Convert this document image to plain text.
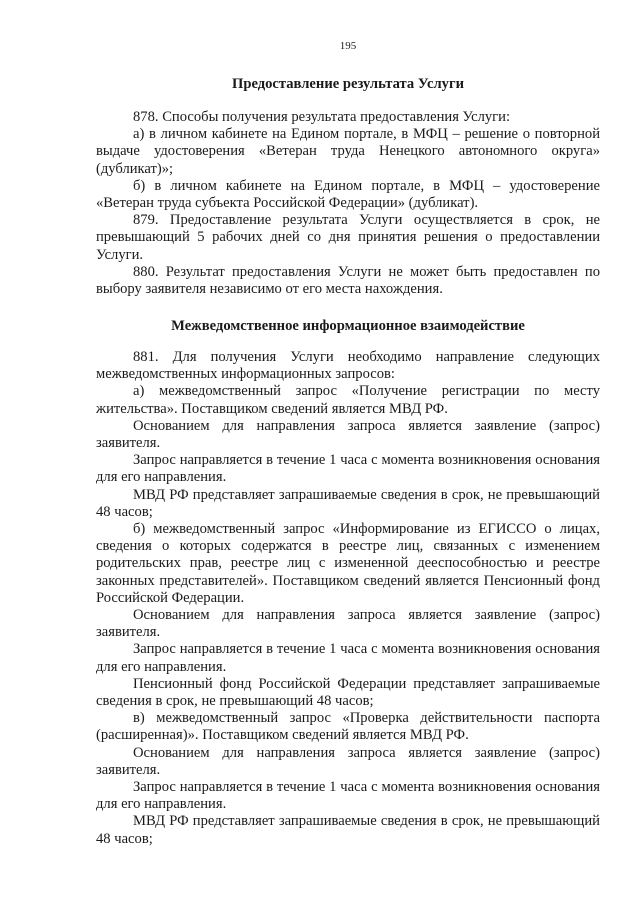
195
Предоставление результата Услуги

878. Способы получения результата предоставления Услуги:

а) в личном кабинете на Едином портале, в МФЦ – решение о повторной выдаче удостоверения «Ветеран труда Ненецкого автономного округа» (дубликат)»;

б) в личном кабинете на Едином портале, в МФЦ – удостоверение «Ветеран труда субъекта Российской Федерации» (дубликат).

879. Предоставление результата Услуги осуществляется в срок, не превышающий 5 рабочих дней со дня принятия решения о предоставлении Услуги.

880. Результат предоставления Услуги не может быть предоставлен по выбору заявителя независимо от его места нахождения.

Межведомственное информационное взаимодействие

881. Для получения Услуги необходимо направление следующих межведомственных информационных запросов:

а) межведомственный запрос «Получение регистрации по месту жительства». Поставщиком сведений является МВД РФ.

Основанием для направления запроса является заявление (запрос) заявителя.

Запрос направляется в течение 1 часа с момента возникновения основания для его направления.

МВД РФ представляет запрашиваемые сведения в срок, не превышающий 48 часов;

б) межведомственный запрос «Информирование из ЕГИССО о лицах, сведения о которых содержатся в реестре лиц, связанных с изменением родительских прав, реестре лиц с измененной дееспособностью и реестре законных представителей». Поставщиком сведений является Пенсионный фонд Российской Федерации.

Основанием для направления запроса является заявление (запрос) заявителя.

Запрос направляется в течение 1 часа с момента возникновения основания для его направления.

Пенсионный фонд Российской Федерации представляет запрашиваемые сведения в срок, не превышающий 48 часов;

в) межведомственный запрос «Проверка действительности паспорта (расширенная)». Поставщиком сведений является МВД РФ.

Основанием для направления запроса является заявление (запрос) заявителя.

Запрос направляется в течение 1 часа с момента возникновения основания для его направления.

МВД РФ представляет запрашиваемые сведения в срок, не превышающий 48 часов;
